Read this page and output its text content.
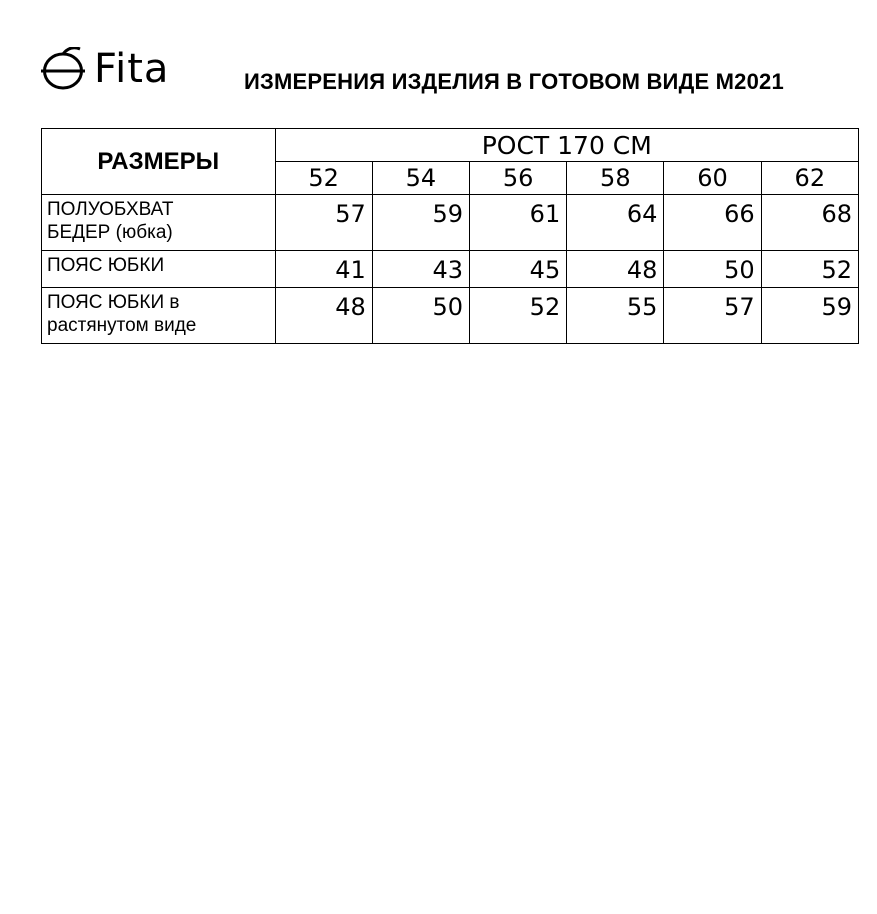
Fita	ИЗМЕРЕНИЯ ИЗДЕЛИЯ В ГОТОВОМ ВИДЕ М2021
РАЗМЕРЫ	РОСТ 170 СМ					
	52	54	56	58	60	62

ПОЛУОБХВАТ
БЕДЕР (юбка)	57	59	61	64	66	68

ПОЯС ЮБКИ	41	43	45	48	50	52

ПОЯС ЮБКИ в
растянутом виде	48	50	52	55	57	59
